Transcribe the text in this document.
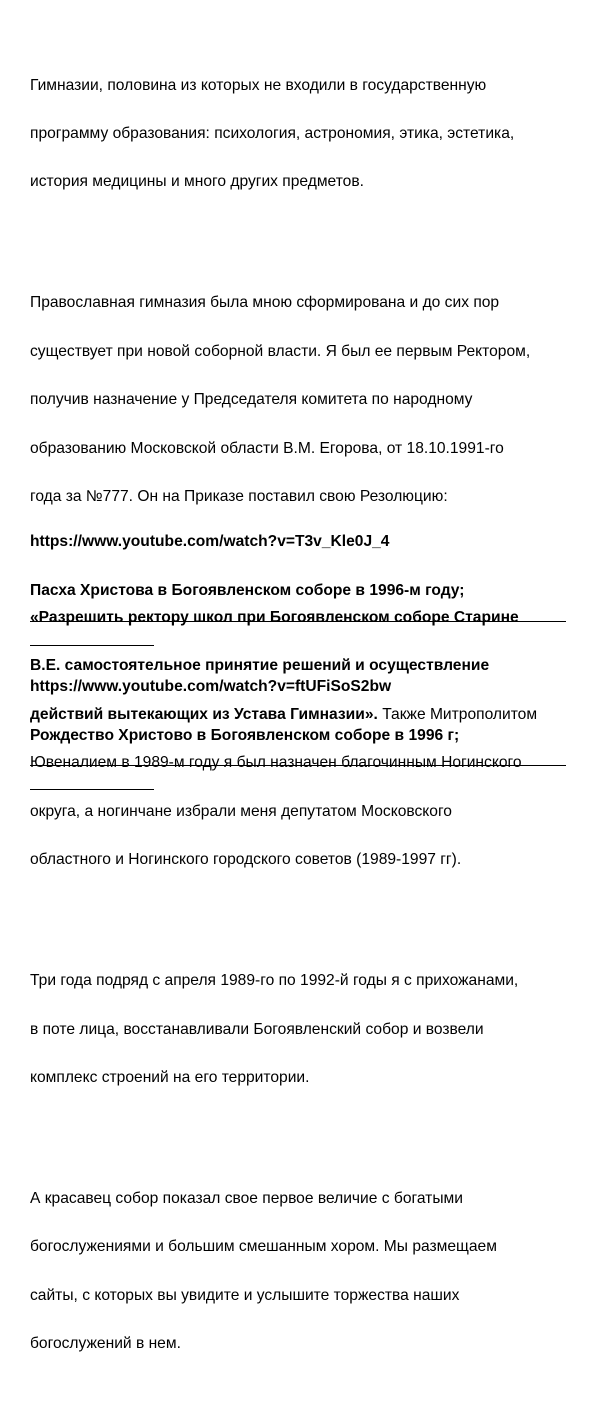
Гимназии, половина из которых не входили в государственную

программу образования: психология, астрономия, этика, эстетика,

история медицины и много других предметов.

Православная гимназия была мною сформирована и до сих пор

существует при новой соборной власти. Я был ее первым Ректором,

получив назначение у Председателя комитета по народному

образованию Московской области В.М. Егорова, от 18.10.1991-го

года за №777. Он на Приказе поставил свою Резолюцию:

«Разрешить ректору школ при Богоявленском соборе Старине

В.Е. самостоятельное принятие решений и осуществление

действий вытекающих из Устава Гимназии». Также Митрополитом

Ювеналием в 1989-м году я был назначен благочинным Ногинского

округа, а ногинчане избрали меня депутатом Московского

областного и Ногинского городского советов (1989-1997 гг).

Три года подряд с апреля 1989-го по 1992-й годы я с прихожанами,

в поте лица, восстанавливали Богоявленский собор и возвели

комплекс строений на его территории.

А красавец собор показал свое первое величие с богатыми

богослужениями и большим смешанным хором. Мы размещаем

сайты, с которых вы увидите и услышите торжества наших

богослужений в нем.

https://www.youtube.com/watch?v=T3v_Kle0J_4
Пасха Христова в Богоявленском соборе в 1996-м году;
https://www.youtube.com/watch?v=ftUFiSoS2bw
Рождество Христово в Богоявленском соборе в 1996 г;
